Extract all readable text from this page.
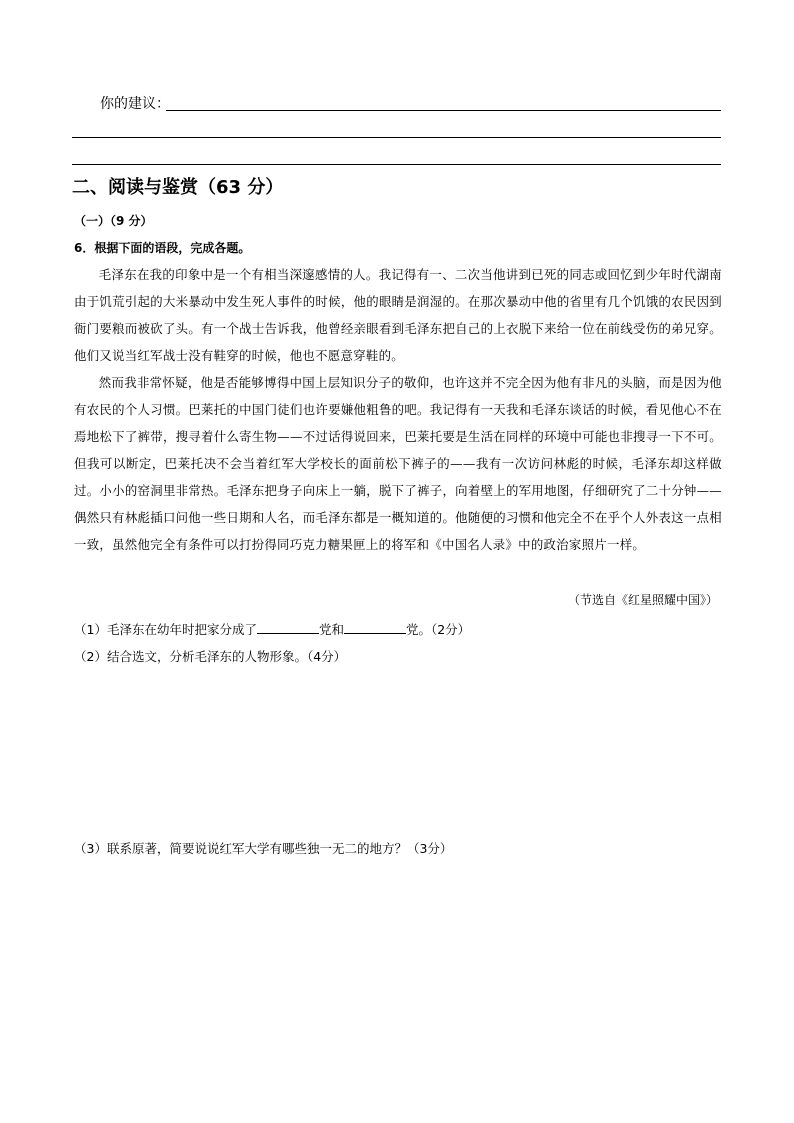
你的建议：
二、阅读与鉴赏（63 分）
（一）（9 分）
6．根据下面的语段，完成各题。

毛泽东在我的印象中是一个有相当深邃感情的人。我记得有一、二次当他讲到已死的同志或回忆到少年时代湖南由于饥荒引起的大米暴动中发生死人事件的时候，他的眼睛是润湿的。在那次暴动中他的省里有几个饥饿的农民因到衙门要粮而被砍了头。有一个战士告诉我，他曾经亲眼看到毛泽东把自己的上衣脱下来给一位在前线受伤的弟兄穿。他们又说当红军战士没有鞋穿的时候，他也不愿意穿鞋的。

然而我非常怀疑，他是否能够博得中国上层知识分子的敬仰，也许这并不完全因为他有非凡的头脑，而是因为他有农民的个人习惯。巴莱托的中国门徒们也许要嫌他粗鲁的吧。我记得有一天我和毛泽东谈话的时候，看见他心不在焉地松下了裤带，搜寻着什么寄生物——不过话得说回来，巴莱托要是生活在同样的环境中可能也非搜寻一下不可。但我可以断定，巴莱托决不会当着红军大学校长的面前松下裤子的——我有一次访问林彪的时候，毛泽东却这样做过。小小的窑洞里非常热。毛泽东把身子向床上一躺，脱下了裤子，向着壁上的军用地图，仔细研究了二十分钟——偶然只有林彪插口问他一些日期和人名，而毛泽东都是一概知道的。他随便的习惯和他完全不在乎个人外表这一点相一致，虽然他完全有条件可以打扮得同巧克力糖果匣上的将军和《中国名人录》中的政治家照片一样。

（节选自《红星照耀中国》）
（1）毛泽东在幼年时把家分成了	党和	党。（2分）
（2）结合选文，分析毛泽东的人物形象。（4分）
（3）联系原著，简要说说红军大学有哪些独一无二的地方？（3分）
